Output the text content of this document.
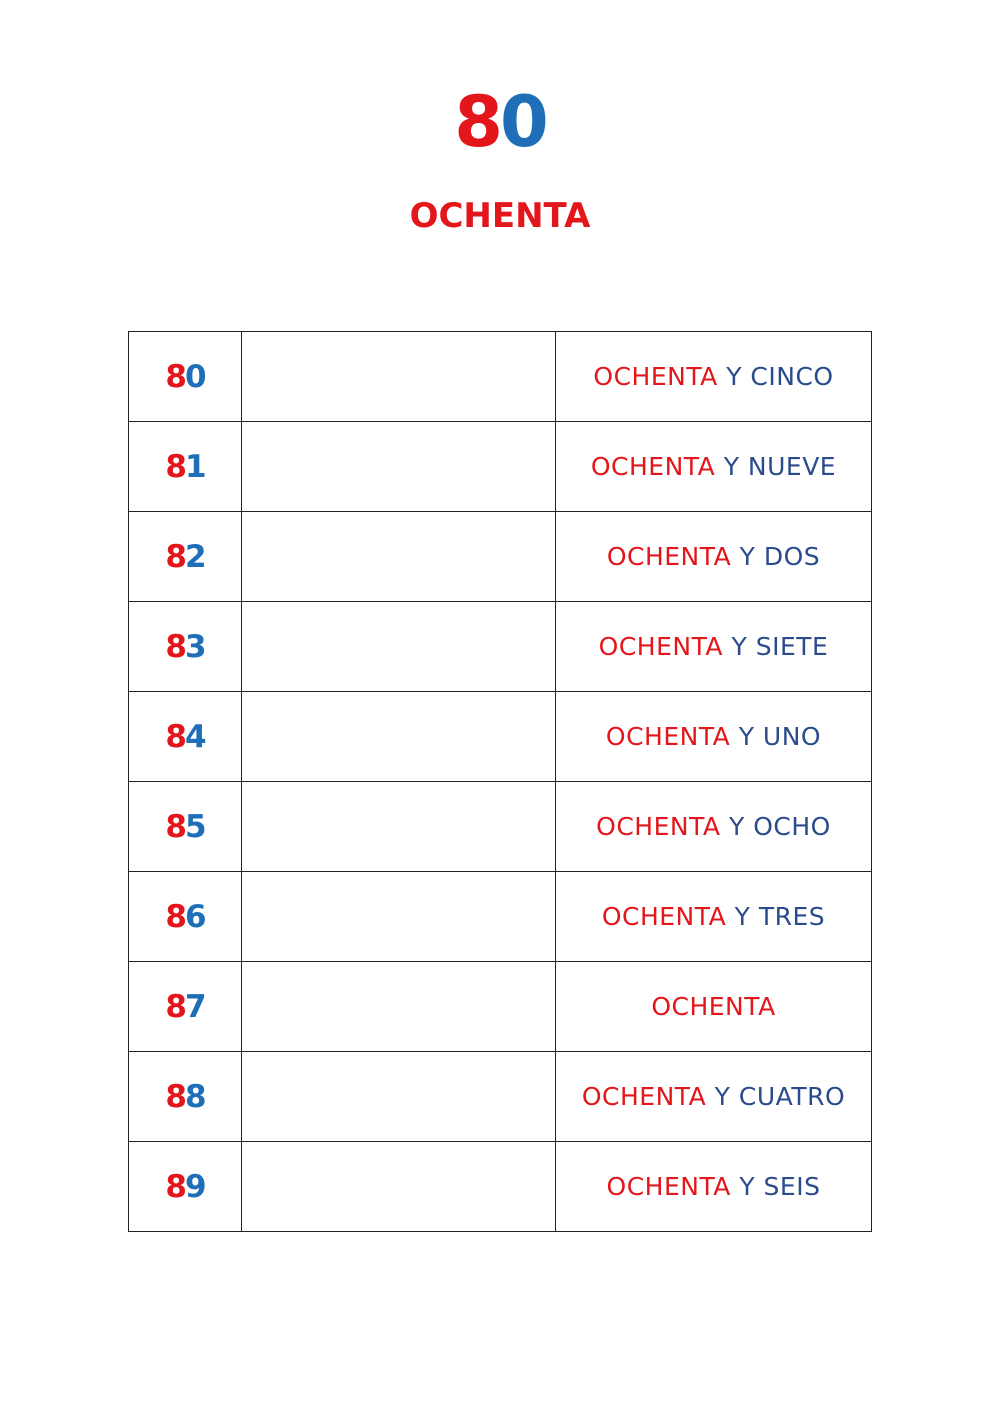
80
OCHENTA
80		OCHENTA Y CINCO
81		OCHENTA Y NUEVE
82		OCHENTA Y DOS
83		OCHENTA Y SIETE
84		OCHENTA Y UNO
85		OCHENTA Y OCHO
86		OCHENTA Y TRES
87		OCHENTA
88		OCHENTA Y CUATRO
89		OCHENTA Y SEIS
